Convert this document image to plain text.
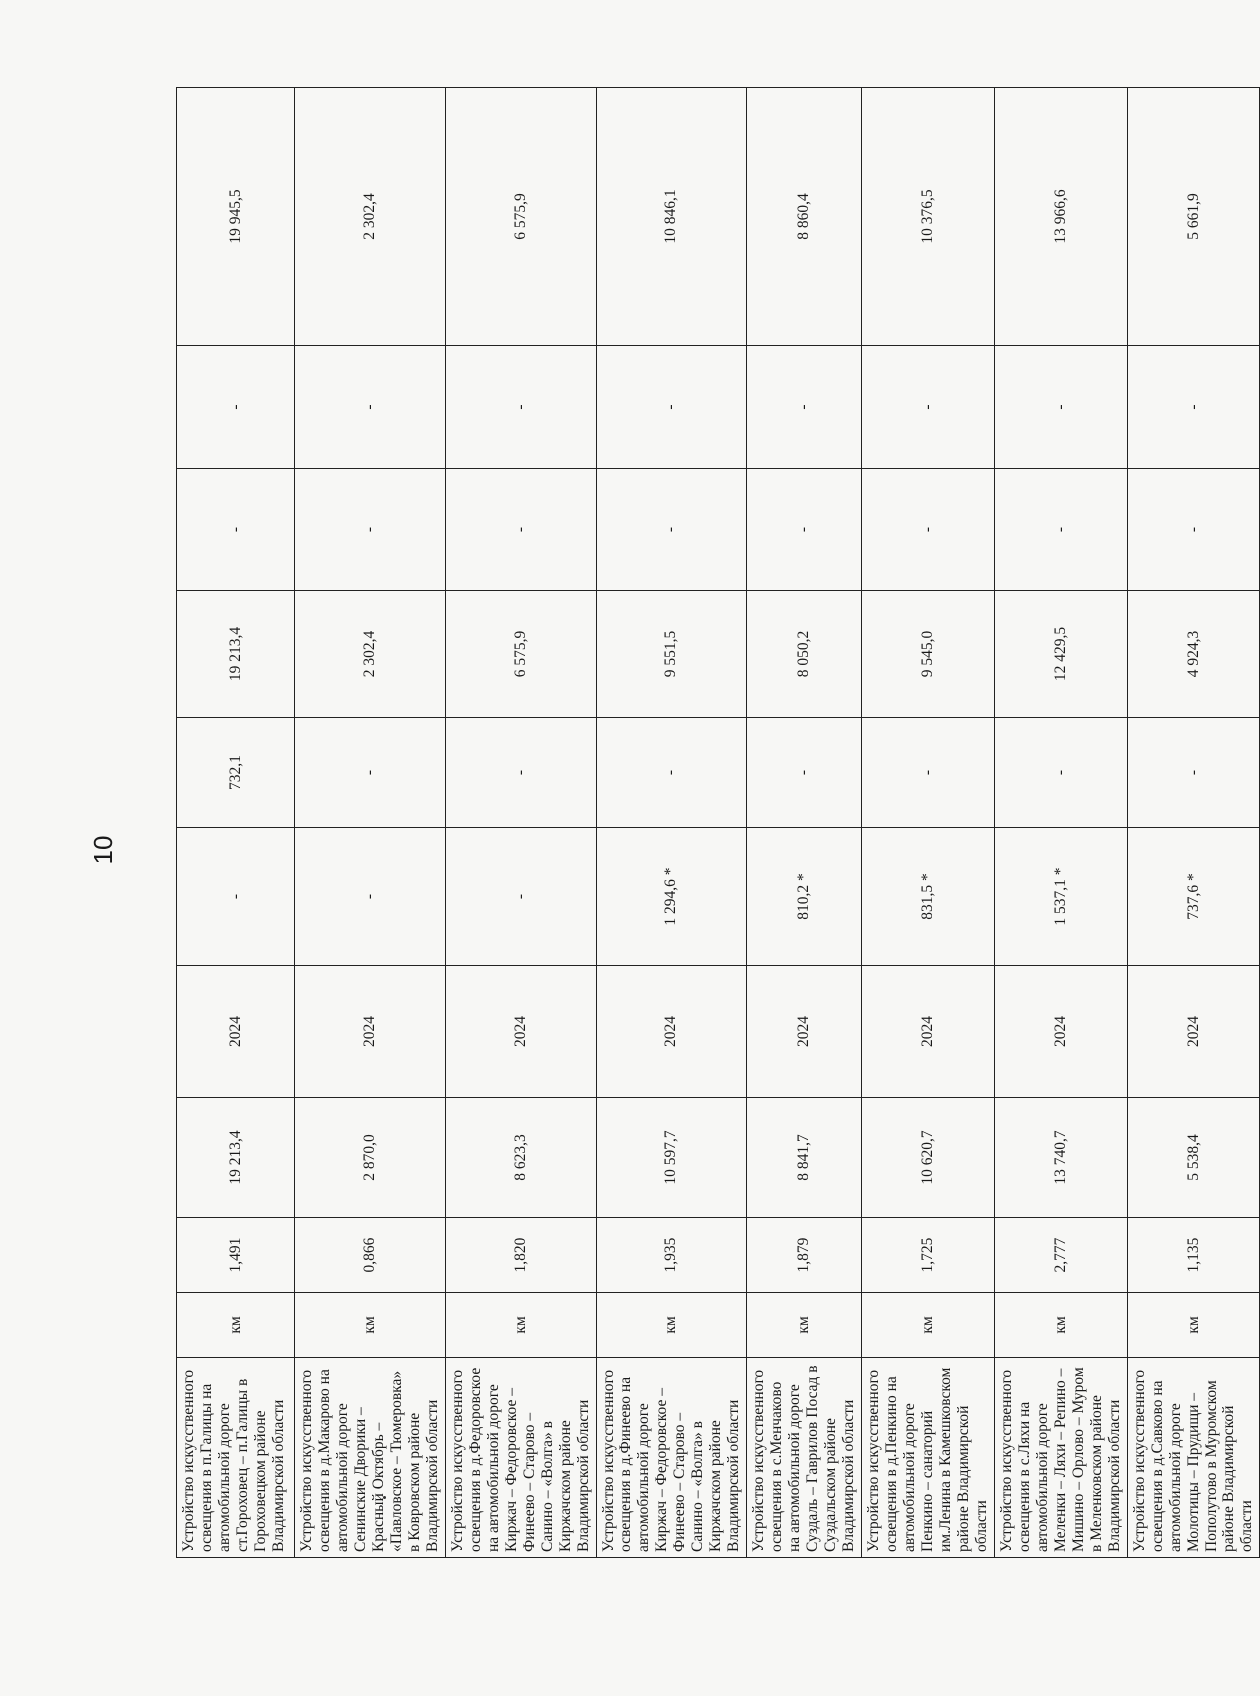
10
Устройство искусственного освещения в п.Галицы на автомобильной дороге ст.Гороховец – п.Галицы в Гороховецком районе Владимирской области	км	1,491	19 213,4	2024	-	732,1	19 213,4	-	-	19 945,5
Устройство искусственного освещения в д.Макарово на автомобильной дороге Сенинские Дворики – Красный Октябрь – «Павловское – Тюмеровка» в Ковровском районе Владимирской области	км	0,866	2 870,0	2024	-	-	2 302,4	-	-	2 302,4
Устройство искусственного освещения в д.Федоровское на автомобильной дороге Киржач – Федоровское – Финеево – Старово – Санино – «Волга» в Киржачском районе Владимирской области	км	1,820	8 623,3	2024	-	-	6 575,9	-	-	6 575,9
Устройство искусственного освещения в д.Финеево на автомобильной дороге Киржач – Федоровское – Финеево – Старово – Санино – «Волга» в Киржачском районе Владимирской области	км	1,935	10 597,7	2024	1 294,6 *	-	9 551,5	-	-	10 846,1
Устройство искусственного освещения в с.Менчаково на автомобильной дороге Суздаль – Гаврилов Посад в Суздальском районе Владимирской области	км	1,879	8 841,7	2024	810,2 *	-	8 050,2	-	-	8 860,4
Устройство искусственного освещения в д.Пенкино на автомобильной дороге Пенкино – санаторий им.Ленина в Камешковском районе Владимирской области	км	1,725	10 620,7	2024	831,5 *	-	9 545,0	-	-	10 376,5
Устройство искусственного освещения в с.Ляхи на автомобильной дороге Меленки – Ляхи – Репино – Мишино – Орлово – Муром в Меленковском районе Владимирской области	км	2,777	13 740,7	2024	1 537,1 *	-	12 429,5	-	-	13 966,6
Устройство искусственного освещения в д.Савково на автомобильной дороге Молотицы – Прудищи – Пополутово в Муромском районе Владимирской области	км	1,135	5 538,4	2024	737,6 *	-	4 924,3	-	-	5 661,9
